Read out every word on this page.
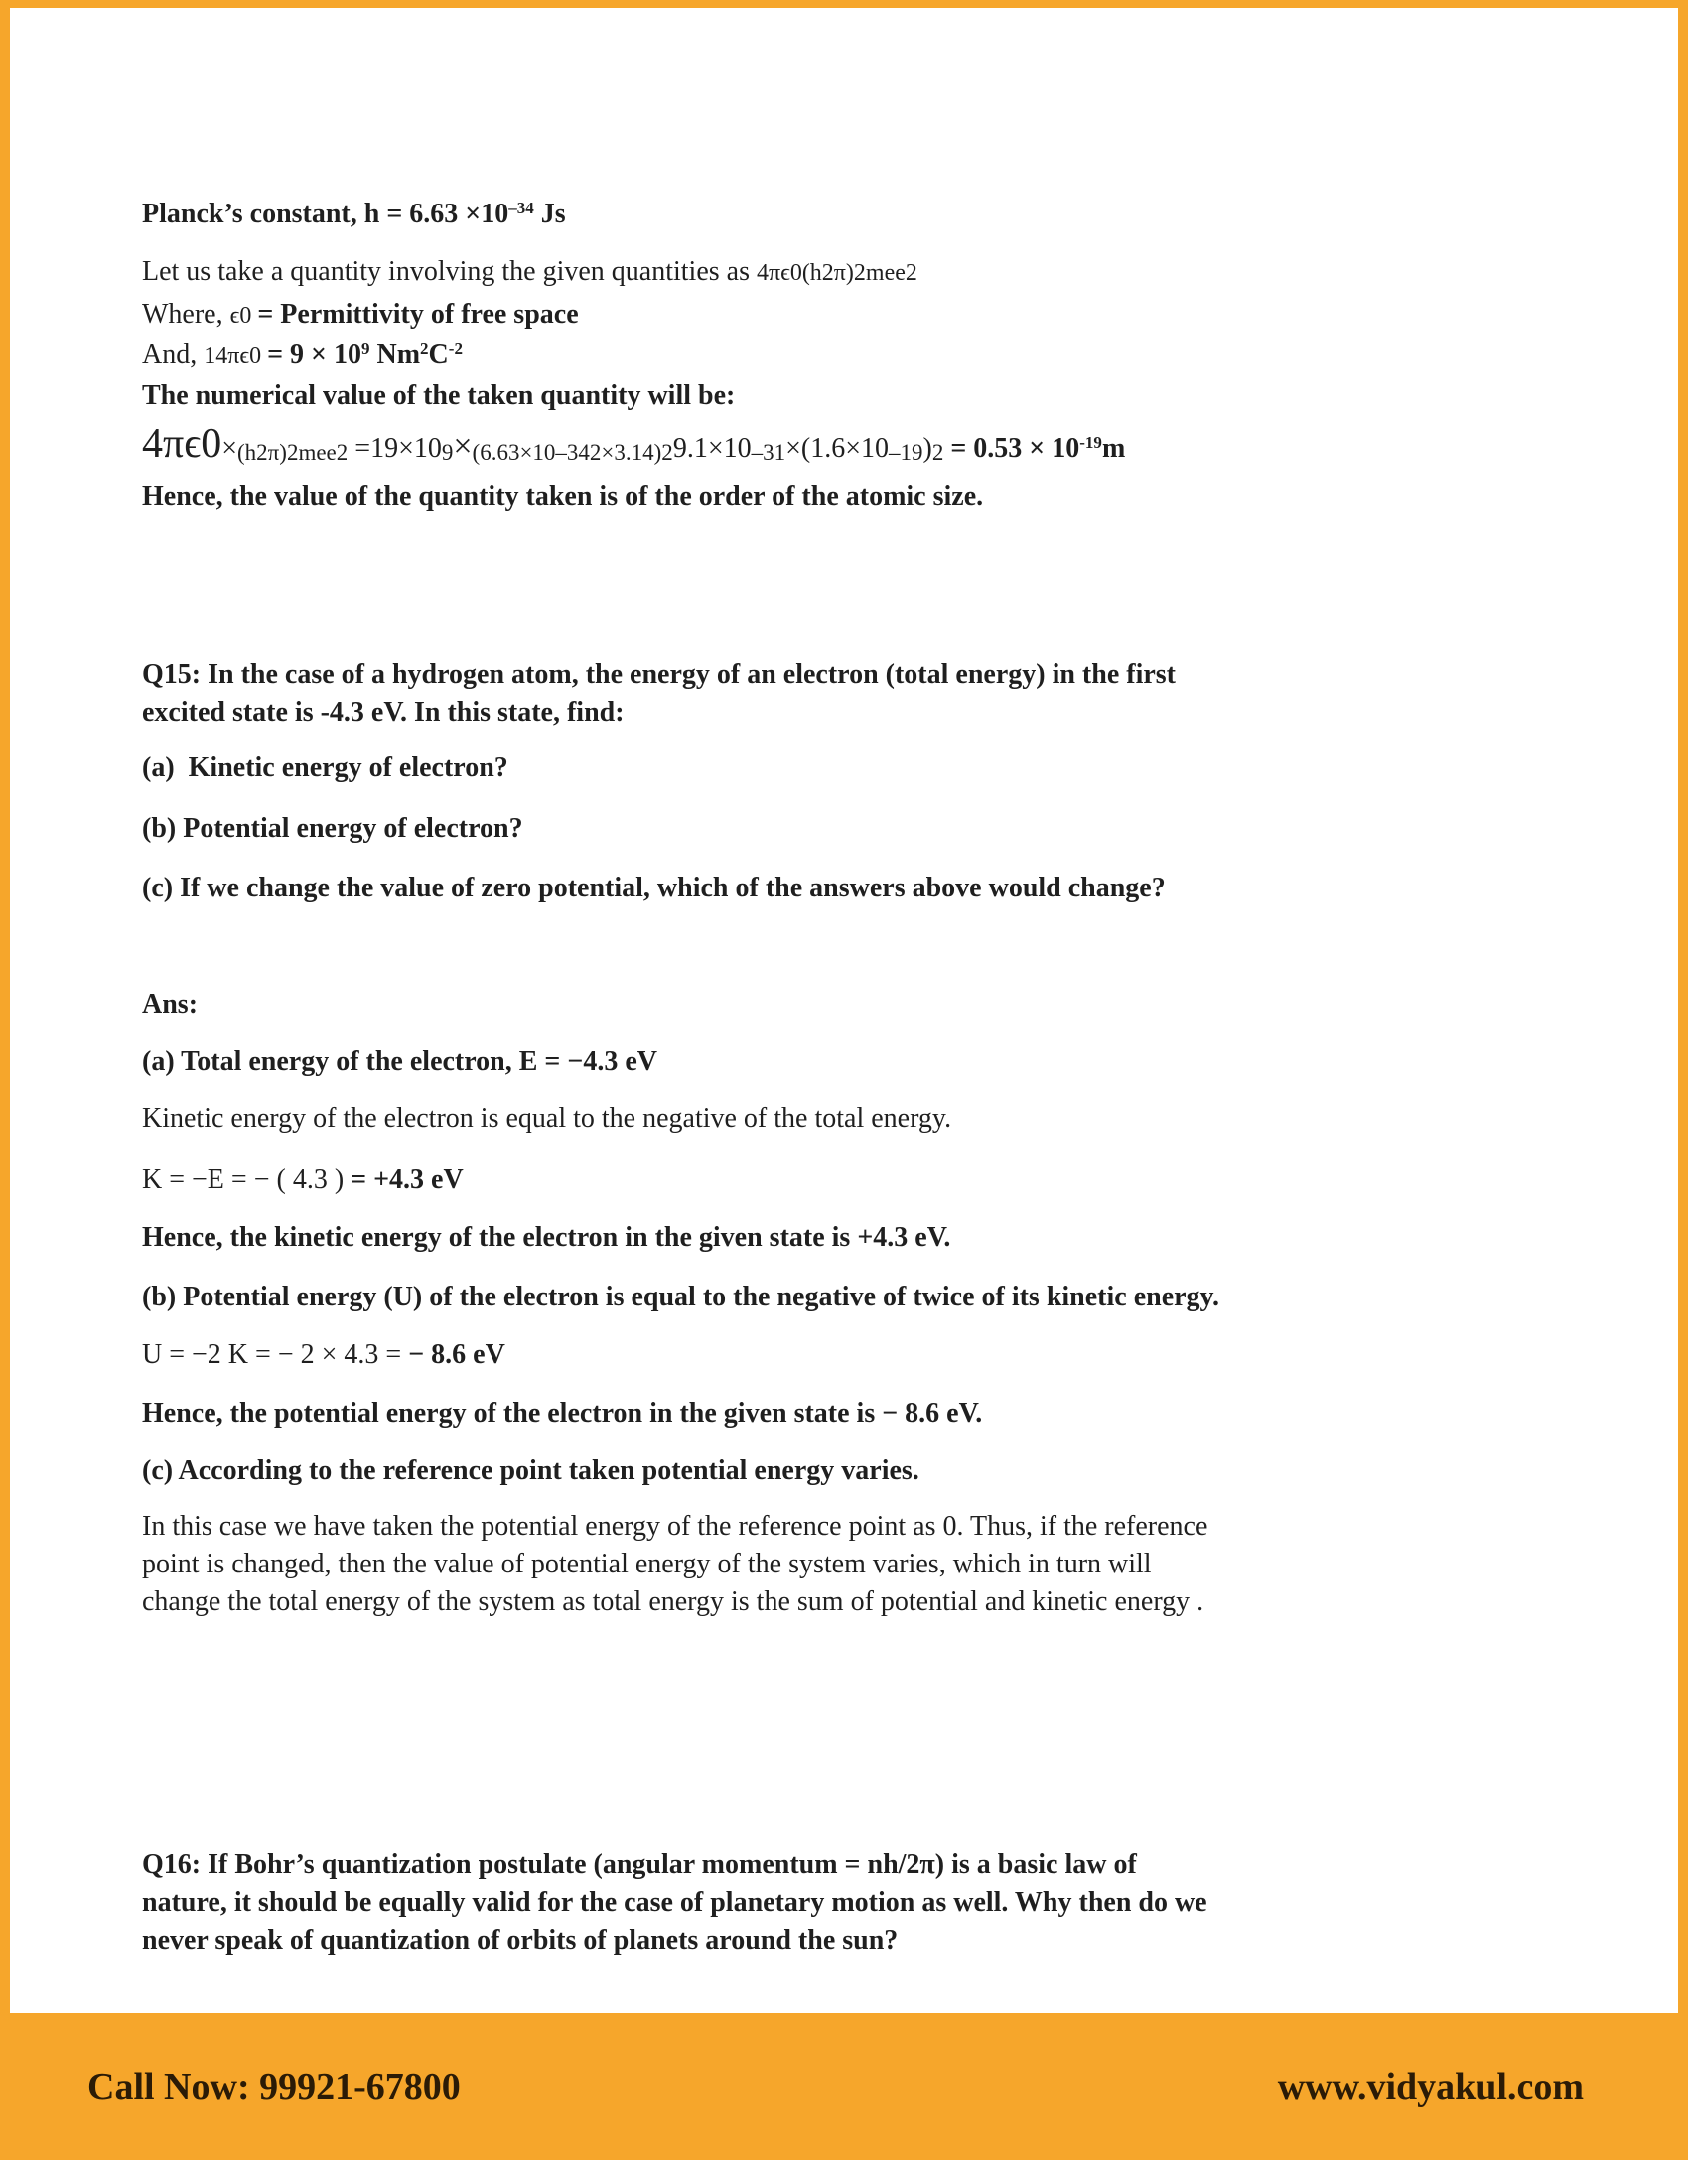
Planck’s constant, $h = 6.63 \times 10^{-34}$ Js

Let us take a quantity involving the given quantities as 4πϵ0(h2π)2mee2

Where, ϵ0 = Permittivity of free space

And, $14\pi\epsilon 0 = 9 \times 10^9$ $Nm^2C^{-2}$

The numerical value of the taken quantity will be:

$4\pi\epsilon 0\times(h2\pi)2mee2 =19\times 109\times(6.63\times 10-342\times 3.14)29.1\times 10-31\times(1.6\times 10-19)2 = 0.53 \times 10^{-19}m$

Hence, the value of the quantity taken is of the order of the atomic size.

Q15: In the case of a hydrogen atom, the energy of an electron (total energy) in the first
excited state is -4.3 eV. In this state, find:

(a)  Kinetic energy of electron?

(b) Potential energy of electron?

(c) If we change the value of zero potential, which of the answers above would change?

Ans:

(a) Total energy of the electron, E = −4.3 eV

Kinetic energy of the electron is equal to the negative of the total energy.

K = −E = − ( 4.3 ) = +4.3 eV

Hence, the kinetic energy of the electron in the given state is +4.3 eV.

(b) Potential energy (U) of the electron is equal to the negative of twice of its kinetic energy.

U = −2 K = − 2 × 4.3 = − 8.6 eV

Hence, the potential energy of the electron in the given state is − 8.6 eV.

(c) According to the reference point taken potential energy varies.

In this case we have taken the potential energy of the reference point as 0. Thus, if the reference
point is changed, then the value of potential energy of the system varies, which in turn will
change the total energy of the system as total energy is the sum of potential and kinetic energy .
Q16: If Bohr’s quantization postulate (angular momentum = nh/2π) is a basic law of
nature, it should be equally valid for the case of planetary motion as well. Why then do we
never speak of quantization of orbits of planets around the sun?
Call Now: 99921-67800	www.vidyakul.com
